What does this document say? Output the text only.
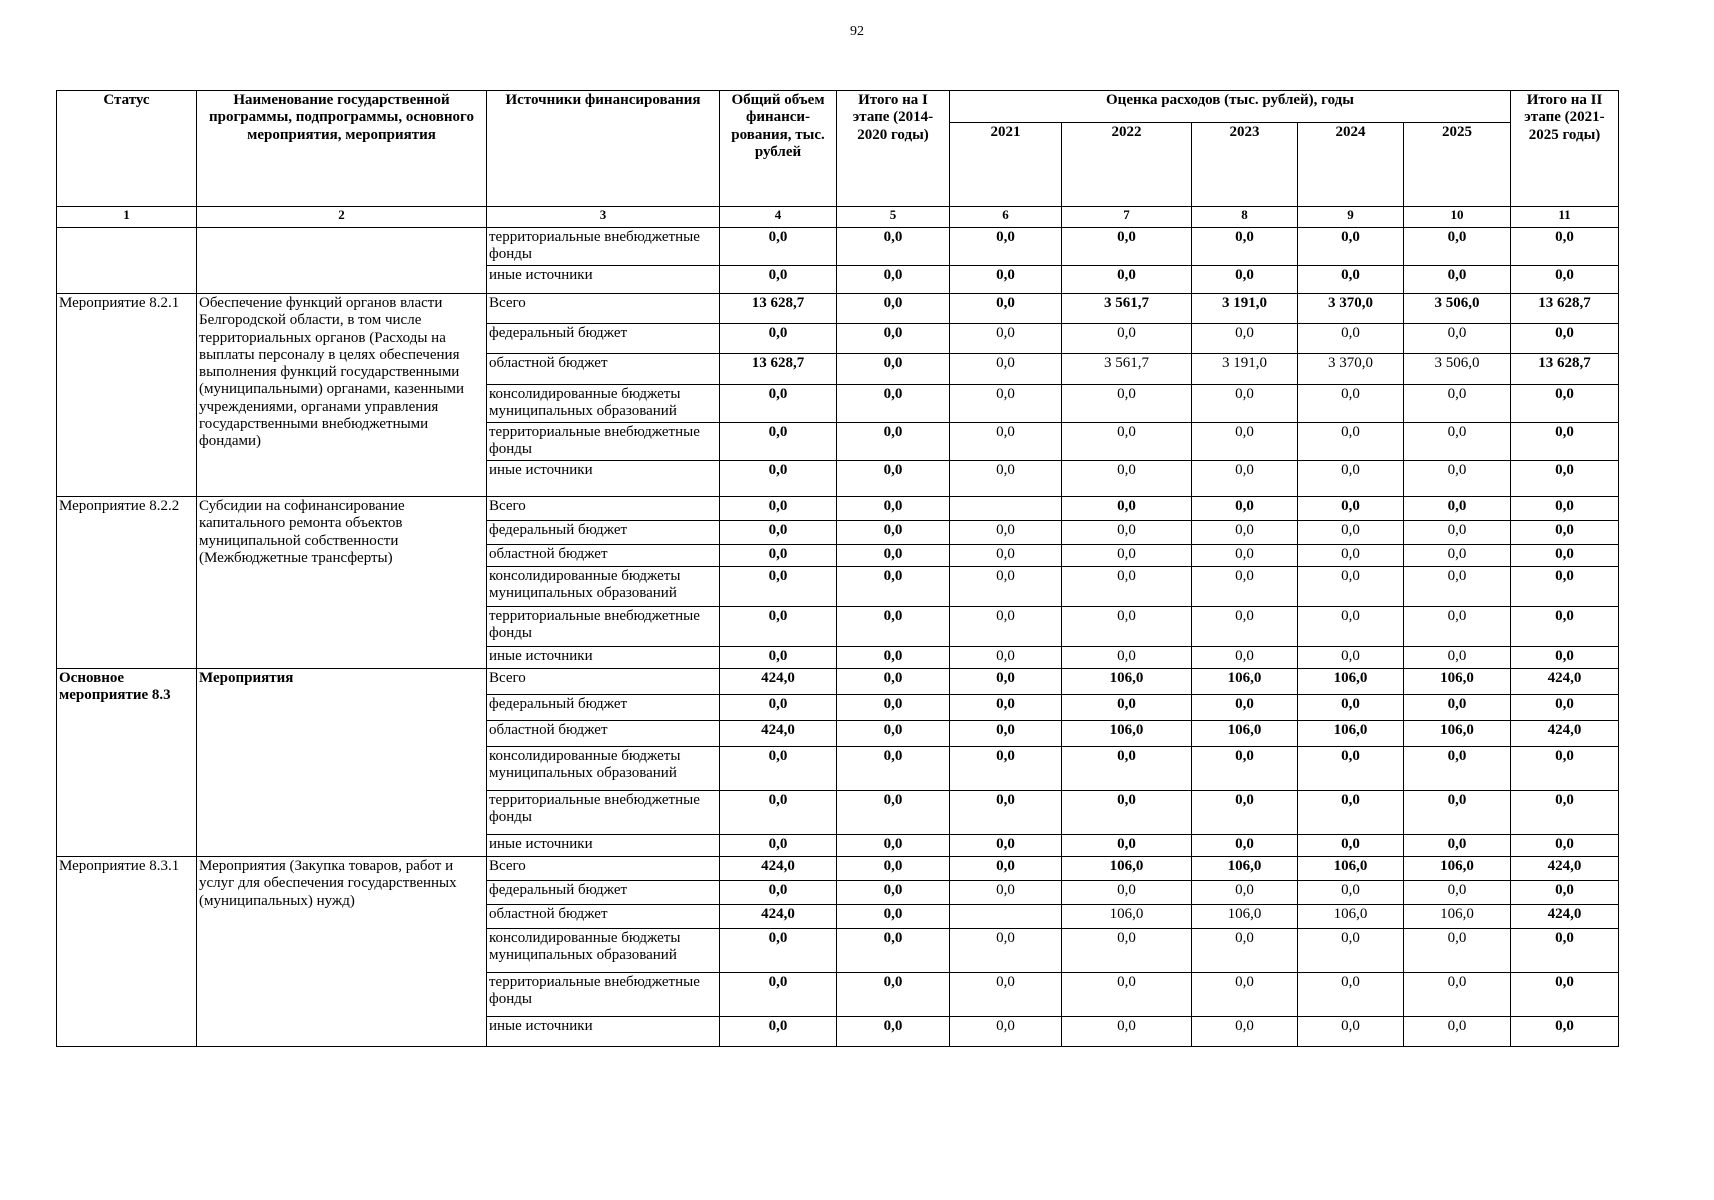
92
Статус	Наименование государственной программы, подпрограммы, основного мероприятия, мероприятия	Источники финансирования	Общий объем финанси-рования, тыс. рублей	Итого на I этапе (2014-2020 годы)	Оценка расходов (тыс. рублей), годы					Итого на II этапе (2021-2025 годы)
					2021	2022	2023	2024	2025	
1	2	3	4	5	6	7	8	9	10	11
		территориальные внебюджетные фонды	0,0	0,0	0,0	0,0	0,0	0,0	0,0	0,0
		иные источники	0,0	0,0	0,0	0,0	0,0	0,0	0,0	0,0
Мероприятие 8.2.1	Обеспечение функций органов власти Белгородской области, в том числе территориальных органов (Расходы на выплаты персоналу в целях обеспечения выполнения функций государственными (муниципальными) органами, казенными учреждениями, органами управления государственными внебюджетными фондами)	Всего	13 628,7	0,0	0,0	3 561,7	3 191,0	3 370,0	3 506,0	13 628,7
		федеральный бюджет	0,0	0,0	0,0	0,0	0,0	0,0	0,0	0,0
		областной бюджет	13 628,7	0,0	0,0	3 561,7	3 191,0	3 370,0	3 506,0	13 628,7
		консолидированные бюджеты муниципальных образований	0,0	0,0	0,0	0,0	0,0	0,0	0,0	0,0
		территориальные внебюджетные фонды	0,0	0,0	0,0	0,0	0,0	0,0	0,0	0,0
		иные источники	0,0	0,0	0,0	0,0	0,0	0,0	0,0	0,0
Мероприятие 8.2.2	Субсидии на софинансирование капитального ремонта объектов муниципальной собственности (Межбюджетные трансферты)	Всего	0,0	0,0		0,0	0,0	0,0	0,0	0,0
		федеральный бюджет	0,0	0,0	0,0	0,0	0,0	0,0	0,0	0,0
		областной бюджет	0,0	0,0	0,0	0,0	0,0	0,0	0,0	0,0
		консолидированные бюджеты муниципальных образований	0,0	0,0	0,0	0,0	0,0	0,0	0,0	0,0
		территориальные внебюджетные фонды	0,0	0,0	0,0	0,0	0,0	0,0	0,0	0,0
		иные источники	0,0	0,0	0,0	0,0	0,0	0,0	0,0	0,0
Основное мероприятие 8.3	Мероприятия	Всего	424,0	0,0	0,0	106,0	106,0	106,0	106,0	424,0
		федеральный бюджет	0,0	0,0	0,0	0,0	0,0	0,0	0,0	0,0
		областной бюджет	424,0	0,0	0,0	106,0	106,0	106,0	106,0	424,0
		консолидированные бюджеты муниципальных образований	0,0	0,0	0,0	0,0	0,0	0,0	0,0	0,0
		территориальные внебюджетные фонды	0,0	0,0	0,0	0,0	0,0	0,0	0,0	0,0
		иные источники	0,0	0,0	0,0	0,0	0,0	0,0	0,0	0,0
Мероприятие 8.3.1	Мероприятия (Закупка товаров, работ и услуг для обеспечения государственных (муниципальных) нужд)	Всего	424,0	0,0	0,0	106,0	106,0	106,0	106,0	424,0
		федеральный бюджет	0,0	0,0	0,0	0,0	0,0	0,0	0,0	0,0
		областной бюджет	424,0	0,0		106,0	106,0	106,0	106,0	424,0
		консолидированные бюджеты муниципальных образований	0,0	0,0	0,0	0,0	0,0	0,0	0,0	0,0
		территориальные внебюджетные фонды	0,0	0,0	0,0	0,0	0,0	0,0	0,0	0,0
		иные источники	0,0	0,0	0,0	0,0	0,0	0,0	0,0	0,0
